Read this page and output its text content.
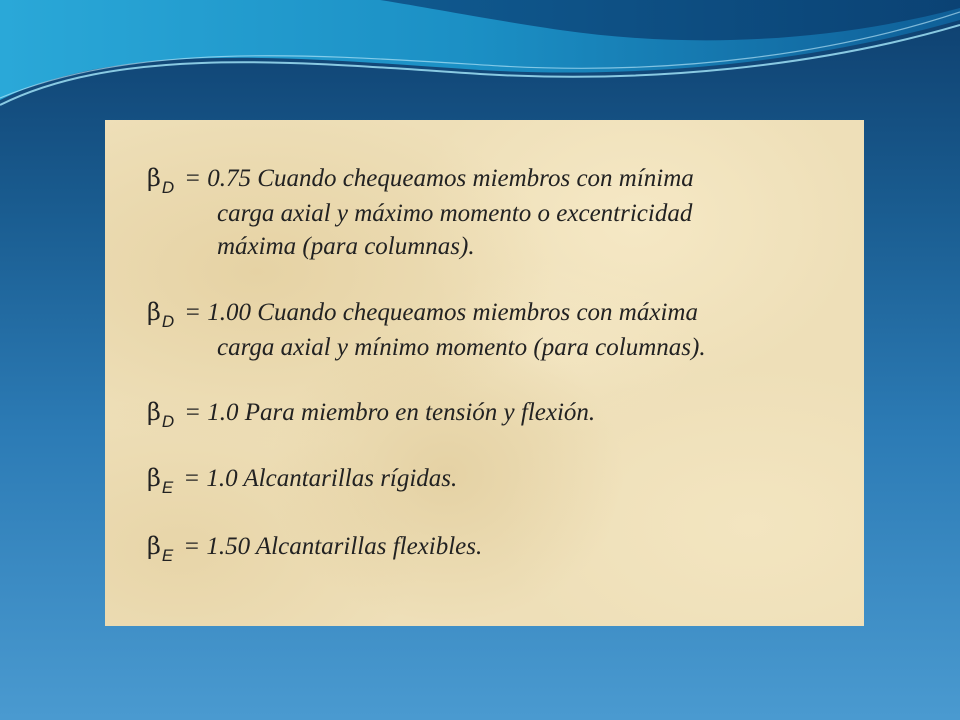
$\beta_D = 0.75$ Cuando chequeamos miembros con mínima
carga axial y máximo momento o excentricidad
máxima (para columnas).
$\beta_D = 1.00$ Cuando chequeamos miembros con máxima
carga axial y mínimo momento (para columnas).
$\beta_D = 1.0$ Para miembro en tensión y flexión.
$\beta_E = 1.0$ Alcantarillas rígidas.
$\beta_E = 1.50$ Alcantarillas flexibles.
